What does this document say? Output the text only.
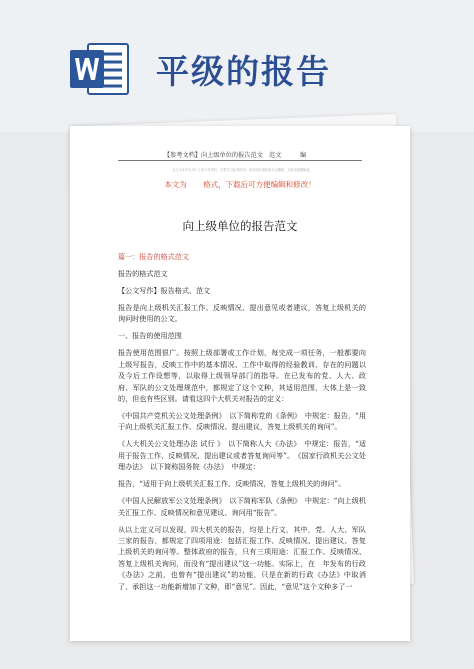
平级的报告
【参考文档】向上级单位的报告范文　范文　　　编
本文为本平台用户上传分享资料，仅供学习参考使用，如有侵权请联系平台删除。文档可编辑修改。
本文为 格式，下载后可方便编辑和修改！
向上级单位的报告范文

篇一：报告的格式范文

报告的格式范文

【公文写作】报告格式、范文

报告是向上级机关汇报工作、反映情况、提出意见或者建议，答复上级机关的询问时使用的公文。

一、报告的使用范围

报告使用范围很广。按照上级部署或工作计划，每完成一项任务，一般都要向上级写报告，反映工作中的基本情况、工作中取得的经验教训、存在的问题以及今后工作设想等，以取得上级领导部门的指导。在已发布的党、人大、政府、军队的公文处理规范中，都规定了这个文种，其适用范围，大体上是一致的，但也有些区别。请看这四个大机关对报告的定义：

《中国共产党机关公文处理条例》　以下简称党的《条例》　中规定：报告，“用于向上级机关汇报工作、反映情况、提出建议，答复上级机关的询问”。

《人大机关公文处理办法 试行 》　以下简称人大《办法》　中规定：报告，“适用于报告工作、反映情况、提出建议或者答复询问等”。　《国家行政机关公文处理办法》　以下简称国务院《办法》　中规定：

报告，“适用于向上级机关汇报工作、反映情况，答复上级机关的询问”。

《中国人民解放军公文处理条例》　以下简称军队《条例》　中规定：“向上级机关汇报工作、反映情况和意见建议、询问用“报告”。

从以上定义可以发现，四大机关的报告，均是上行文，其中，党、人大、军队三家的报告，都规定了四项用途：包括汇报工作、反映情况、提出建议、答复上级机关的询问等。整体政府的报告，只有三项用途：汇报工作、反映情况、答复上级机关询问，而没有“提出建议”这一功能。实际上，在　年发布的行政《办法》之前，也曾有“提出建议”的功能，只是在新的行政《办法》中取消了，承担这一功能新增加了文种，即“意见”。因此，“意见”这个文种多了一
